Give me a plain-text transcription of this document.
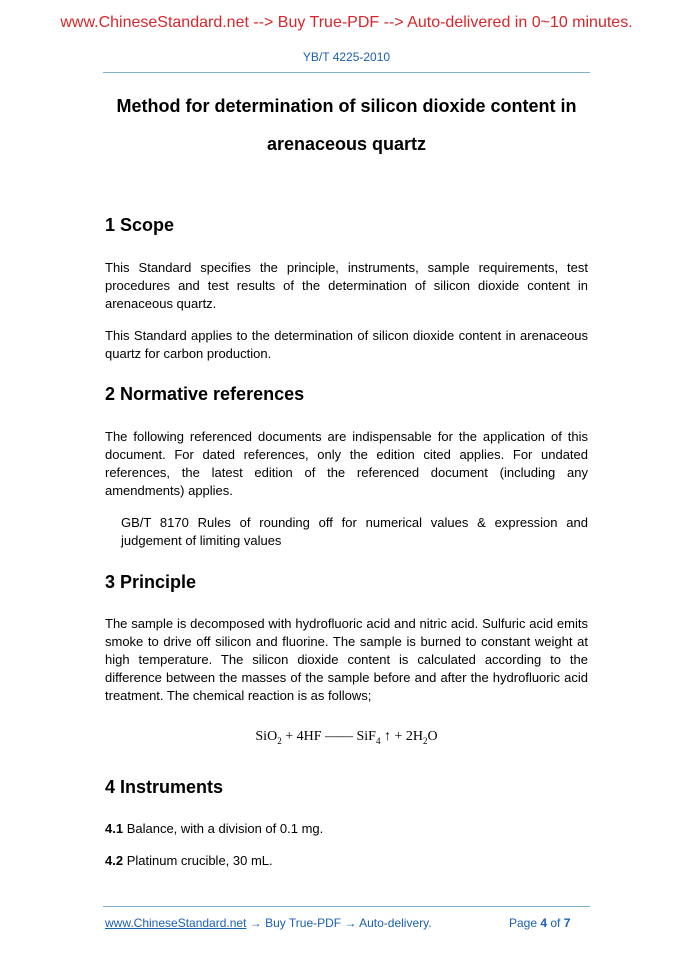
www.ChineseStandard.net --> Buy True-PDF --> Auto-delivered in 0~10 minutes.
YB/T 4225-2010
Method for determination of silicon dioxide content in
arenaceous quartz
1 Scope

This Standard specifies the principle, instruments, sample requirements, test procedures and test results of the determination of silicon dioxide content in arenaceous quartz.

This Standard applies to the determination of silicon dioxide content in arenaceous quartz for carbon production.

2 Normative references

The following referenced documents are indispensable for the application of this document. For dated references, only the edition cited applies. For undated references, the latest edition of the referenced document (including any amendments) applies.

GB/T 8170 Rules of rounding off for numerical values & expression and judgement of limiting values

3 Principle

The sample is decomposed with hydrofluoric acid and nitric acid. Sulfuric acid emits smoke to drive off silicon and fluorine. The sample is burned to constant weight at high temperature. The silicon dioxide content is calculated according to the difference between the masses of the sample before and after the hydrofluoric acid treatment. The chemical reaction is as follows;

SiO$_2$ + 4HF —— SiF$_4$ ↑ + $2H_2O$
4 Instruments

4.1 Balance, with a division of 0.1 mg.

4.2 Platinum crucible, 30 mL.

www.ChineseStandard.net → Buy True-PDF → Auto-delivery.	Page 4 of 7
